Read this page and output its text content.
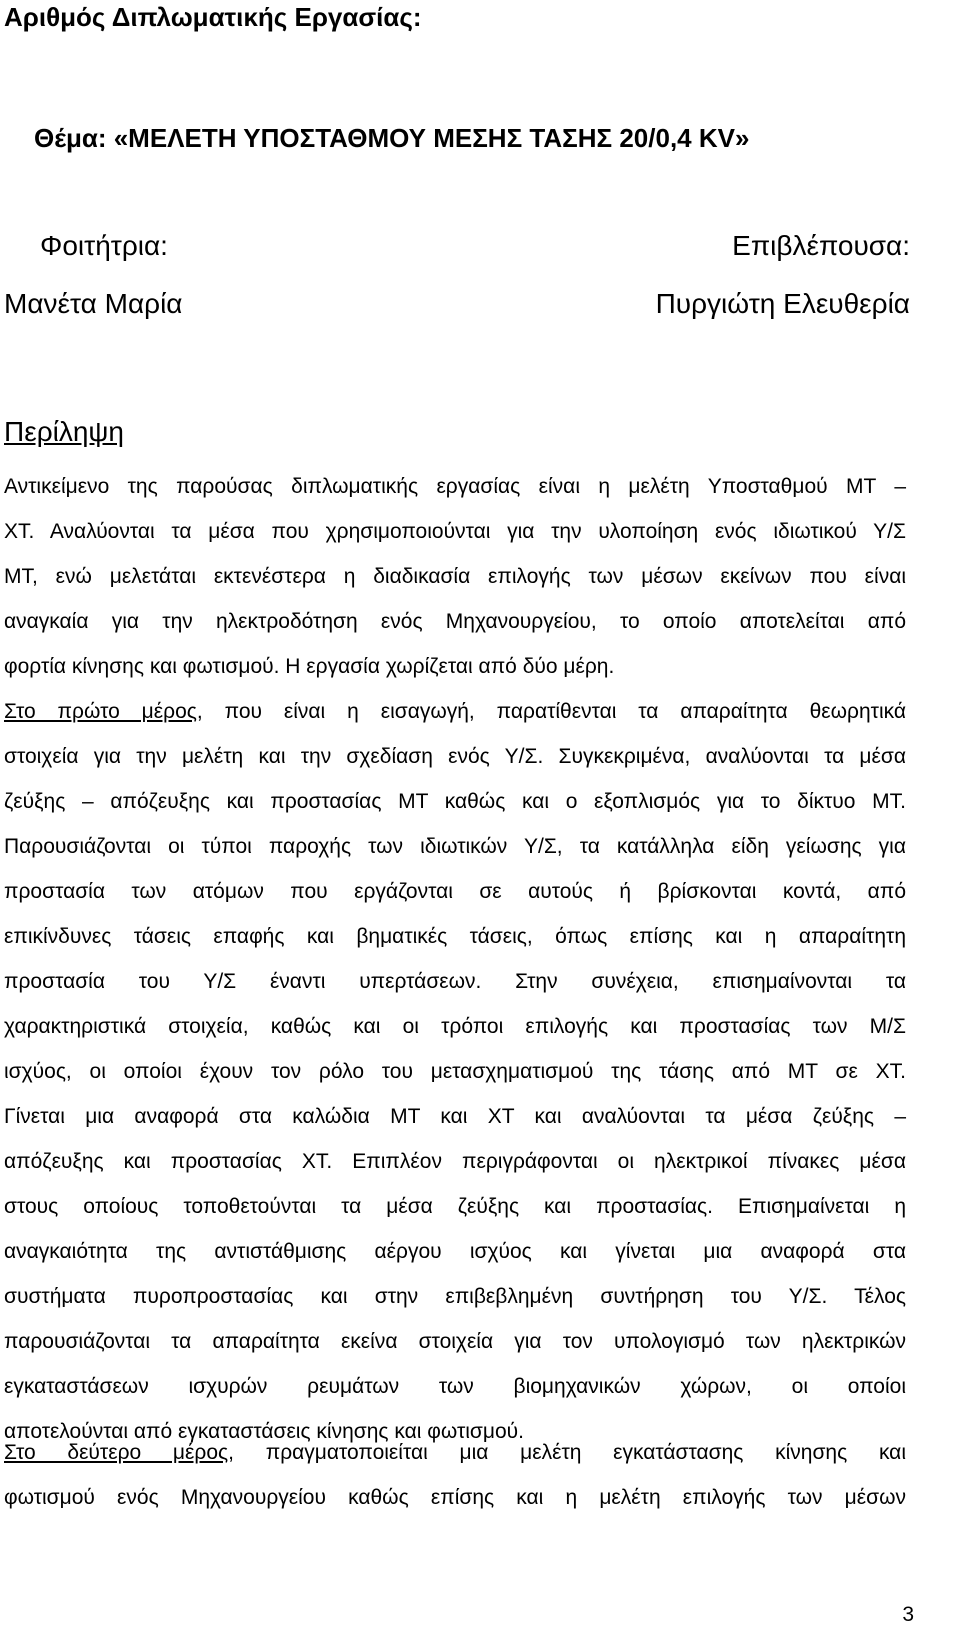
Αριθμός Διπλωματικής Εργασίας:
Θέμα: «ΜΕΛΕΤΗ ΥΠΟΣΤΑΘΜΟΥ ΜΕΣΗΣ ΤΑΣΗΣ 20/0,4 KV»
Φοιτήτρια:
Μανέτα Μαρία
Επιβλέπουσα:
Πυργιώτη Ελευθερία
Περίληψη
Αντικείμενο της παρούσας διπλωματικής εργασίας είναι η μελέτη Υποσταθμού ΜΤ –
ΧΤ. Αναλύονται τα μέσα που χρησιμοποιούνται για την υλοποίηση ενός ιδιωτικού Υ/Σ
ΜΤ, ενώ μελετάται εκτενέστερα η διαδικασία επιλογής των μέσων εκείνων που είναι
αναγκαία για την ηλεκτροδότηση ενός Μηχανουργείου, το οποίο αποτελείται από
φορτία κίνησης και φωτισμού. Η εργασία χωρίζεται από δύο μέρη.
Στο πρώτο μέρος, που είναι η εισαγωγή, παρατίθενται τα απαραίτητα θεωρητικά
στοιχεία για την μελέτη και την σχεδίαση ενός Υ/Σ. Συγκεκριμένα, αναλύονται τα μέσα
ζεύξης – απόζευξης και προστασίας ΜΤ καθώς και ο εξοπλισμός για το δίκτυο ΜΤ.
Παρουσιάζονται οι τύποι παροχής των ιδιωτικών Υ/Σ, τα κατάλληλα είδη γείωσης για
προστασία των ατόμων που εργάζονται σε αυτούς ή βρίσκονται κοντά, από
επικίνδυνες τάσεις επαφής και βηματικές τάσεις, όπως επίσης και η απαραίτητη
προστασία του Υ/Σ έναντι υπερτάσεων. Στην συνέχεια, επισημαίνονται τα
χαρακτηριστικά στοιχεία, καθώς και οι τρόποι επιλογής και προστασίας των Μ/Σ
ισχύος, οι οποίοι έχουν τον ρόλο του μετασχηματισμού της τάσης από ΜΤ σε ΧΤ.
Γίνεται μια αναφορά στα καλώδια ΜΤ και ΧΤ και αναλύονται τα μέσα ζεύξης –
απόζευξης και προστασίας ΧΤ. Επιπλέον περιγράφονται οι ηλεκτρικοί πίνακες μέσα
στους οποίους τοποθετούνται τα μέσα ζεύξης και προστασίας. Επισημαίνεται η
αναγκαιότητα της αντιστάθμισης αέργου ισχύος και γίνεται μια αναφορά στα
συστήματα πυροπροστασίας και στην επιβεβλημένη συντήρηση του Υ/Σ. Τέλος
παρουσιάζονται τα απαραίτητα εκείνα στοιχεία για τον υπολογισμό των ηλεκτρικών
εγκαταστάσεων ισχυρών ρευμάτων των βιομηχανικών χώρων, οι οποίοι
αποτελούνται από εγκαταστάσεις κίνησης και φωτισμού.
Στο δεύτερο μέρος, πραγματοποιείται μια μελέτη εγκατάστασης κίνησης και
φωτισμού ενός Μηχανουργείου καθώς επίσης και η μελέτη επιλογής των μέσων
3
